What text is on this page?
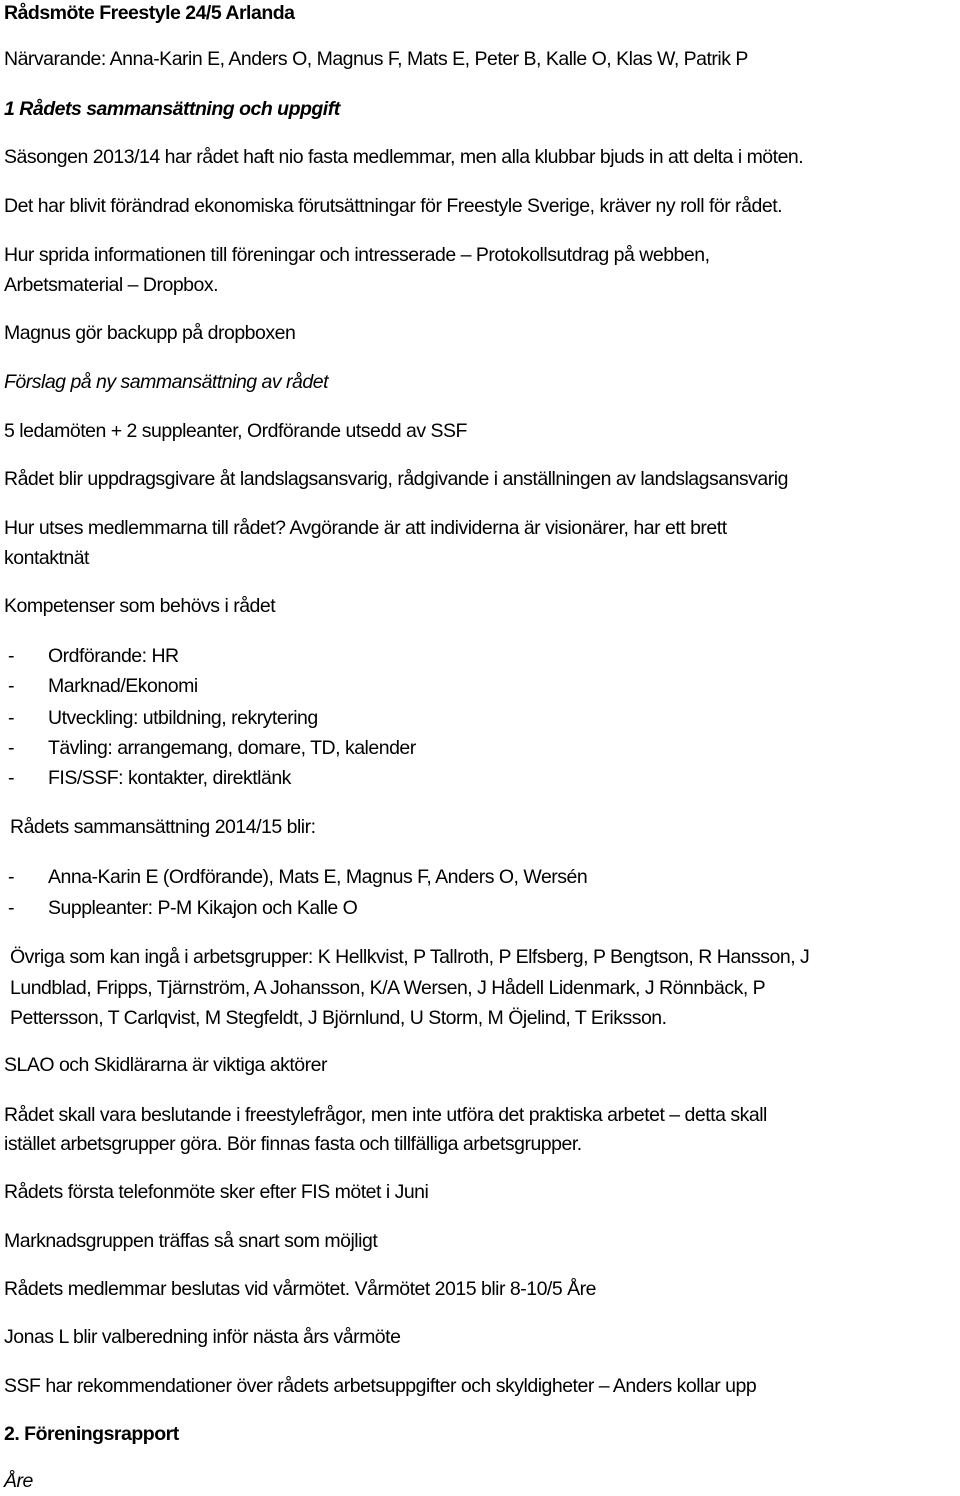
Rådsmöte Freestyle 24/5 Arlanda
Närvarande: Anna-Karin E, Anders O, Magnus F, Mats E, Peter B, Kalle O, Klas W, Patrik P
1 Rådets sammansättning och uppgift
Säsongen 2013/14 har rådet haft nio fasta medlemmar, men alla klubbar bjuds in att delta i möten.
Det har blivit förändrad ekonomiska förutsättningar för Freestyle Sverige, kräver ny roll för rådet.
Hur sprida informationen till föreningar och intresserade – Protokollsutdrag på webben,
Arbetsmaterial – Dropbox.
Magnus gör backupp på dropboxen
Förslag på ny sammansättning av rådet
5 ledamöten + 2 suppleanter, Ordförande utsedd av SSF
Rådet blir uppdragsgivare åt landslagsansvarig, rådgivande i anställningen av landslagsansvarig
Hur utses medlemmarna till rådet? Avgörande är att individerna är visionärer, har ett brett
kontaktnät
Kompetenser som behövs i rådet
- Ordförande: HR
- Marknad/Ekonomi
- Utveckling: utbildning, rekrytering
- Tävling: arrangemang, domare, TD, kalender
- FIS/SSF: kontakter, direktlänk
Rådets sammansättning 2014/15 blir:
- Anna-Karin E (Ordförande), Mats E, Magnus F, Anders O, Wersén
- Suppleanter: P-M Kikajon och Kalle O
Övriga som kan ingå i arbetsgrupper: K Hellkvist, P Tallroth, P Elfsberg, P Bengtson, R Hansson, J
Lundblad, Fripps, Tjärnström, A Johansson, K/A Wersen, J Hådell Lidenmark, J Rönnbäck, P
Pettersson, T Carlqvist, M Stegfeldt, J Björnlund, U Storm, M Öjelind, T Eriksson.
SLAO och Skidlärarna är viktiga aktörer
Rådet skall vara beslutande i freestylefrågor, men inte utföra det praktiska arbetet – detta skall
istället arbetsgrupper göra. Bör finnas fasta och tillfälliga arbetsgrupper.
Rådets första telefonmöte sker efter FIS mötet i Juni
Marknadsgruppen träffas så snart som möjligt
Rådets medlemmar beslutas vid vårmötet. Vårmötet 2015 blir 8-10/5 Åre
Jonas L blir valberedning inför nästa års vårmöte
SSF har rekommendationer över rådets arbetsuppgifter och skyldigheter – Anders kollar upp
2. Föreningsrapport
Åre
